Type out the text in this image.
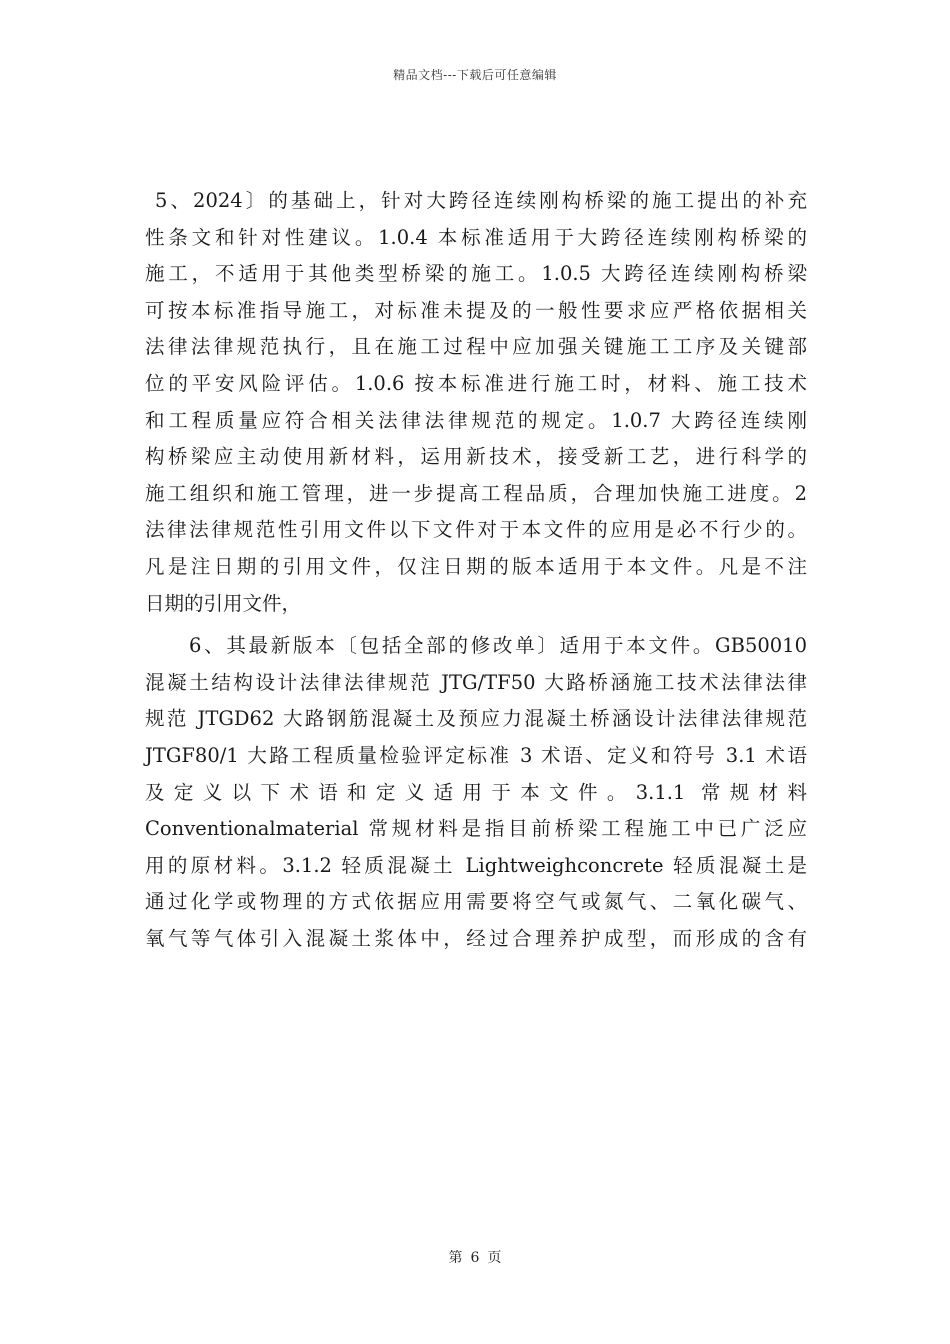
精品文档---下载后可任意编辑
5、2024〕的基础上，针对大跨径连续刚构桥梁的施工提出的补充
性条文和针对性建议。1.0.4 本标准适用于大跨径连续刚构桥梁的
施工，不适用于其他类型桥梁的施工。1.0.5 大跨径连续刚构桥梁
可按本标准指导施工，对标准未提及的一般性要求应严格依据相关
法律法律规范执行，且在施工过程中应加强关键施工工序及关键部
位的平安风险评估。1.0.6 按本标准进行施工时，材料、施工技术
和工程质量应符合相关法律法律规范的规定。1.0.7 大跨径连续刚
构桥梁应主动使用新材料，运用新技术，接受新工艺，进行科学的
施工组织和施工管理，进一步提高工程品质，合理加快施工进度。2
法律法律规范性引用文件以下文件对于本文件的应用是必不行少的。
凡是注日期的引用文件，仅注日期的版本适用于本文件。凡是不注
日期的引用文件，
6、其最新版本〔包括全部的修改单〕适用于本文件。GB50010
混凝土结构设计法律法律规范 JTG/TF50 大路桥涵施工技术法律法律
规范 JTGD62 大路钢筋混凝土及预应力混凝土桥涵设计法律法律规范
JTGF80/1 大路工程质量检验评定标准 3 术语、定义和符号 3.1 术语
及定义以下术语和定义适用于本文件。3.1.1 常规材料
Conventionalmaterial 常规材料是指目前桥梁工程施工中已广泛应
用的原材料。3.1.2 轻质混凝土 Lightweighconcrete 轻质混凝土是
通过化学或物理的方式依据应用需要将空气或氮气、二氧化碳气、
氧气等气体引入混凝土浆体中，经过合理养护成型，而形成的含有
第 6 页
